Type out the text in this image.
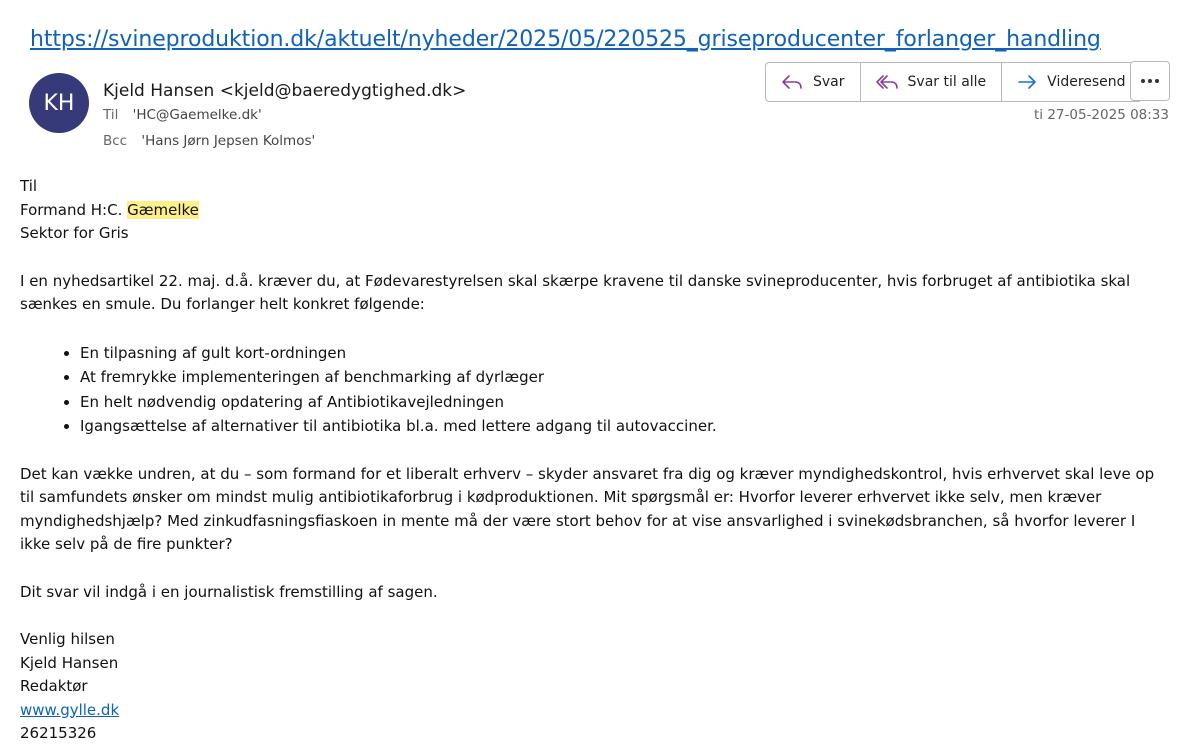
https://svineproduktion.dk/aktuelt/nyheder/2025/05/220525_griseproducenter_forlanger_handling
KH Kjeld Hansen <kjeld@baeredygtighed.dk>
Til 'HC@Gaemelke.dk'
Bcc 'Hans Jørn Jepsen Kolmos'
Svar	Svar til alle	Videresend
ti 27-05-2025 08:33

Til

Formand H:C. Gæmelke

Sektor for Gris

I en nyhedsartikel 22. maj. d.å. kræver du, at Fødevarestyrelsen skal skærpe kravene til danske svineproducenter, hvis forbruget af antibiotika skal sænkes en smule. Du forlanger helt konkret følgende:

• En tilpasning af gult kort-ordningen
• At fremrykke implementeringen af benchmarking af dyrlæger
• En helt nødvendig opdatering af Antibiotikavejledningen
• Igangsættelse af alternativer til antibiotika bl.a. med lettere adgang til autovacciner.

Det kan vække undren, at du – som formand for et liberalt erhverv – skyder ansvaret fra dig og kræver myndighedskontrol, hvis erhvervet skal leve op til samfundets ønsker om mindst mulig antibiotikaforbrug i kødproduktionen. Mit spørgsmål er: Hvorfor leverer erhvervet ikke selv, men kræver myndighedshjælp? Med zinkudfasningsfiaskoen in mente må der være stort behov for at vise ansvarlighed i svinekødsbranchen, så hvorfor leverer I ikke selv på de fire punkter?

Dit svar vil indgå i en journalistisk fremstilling af sagen.

Venlig hilsen

Kjeld Hansen

Redaktør

www.gylle.dk

26215326
